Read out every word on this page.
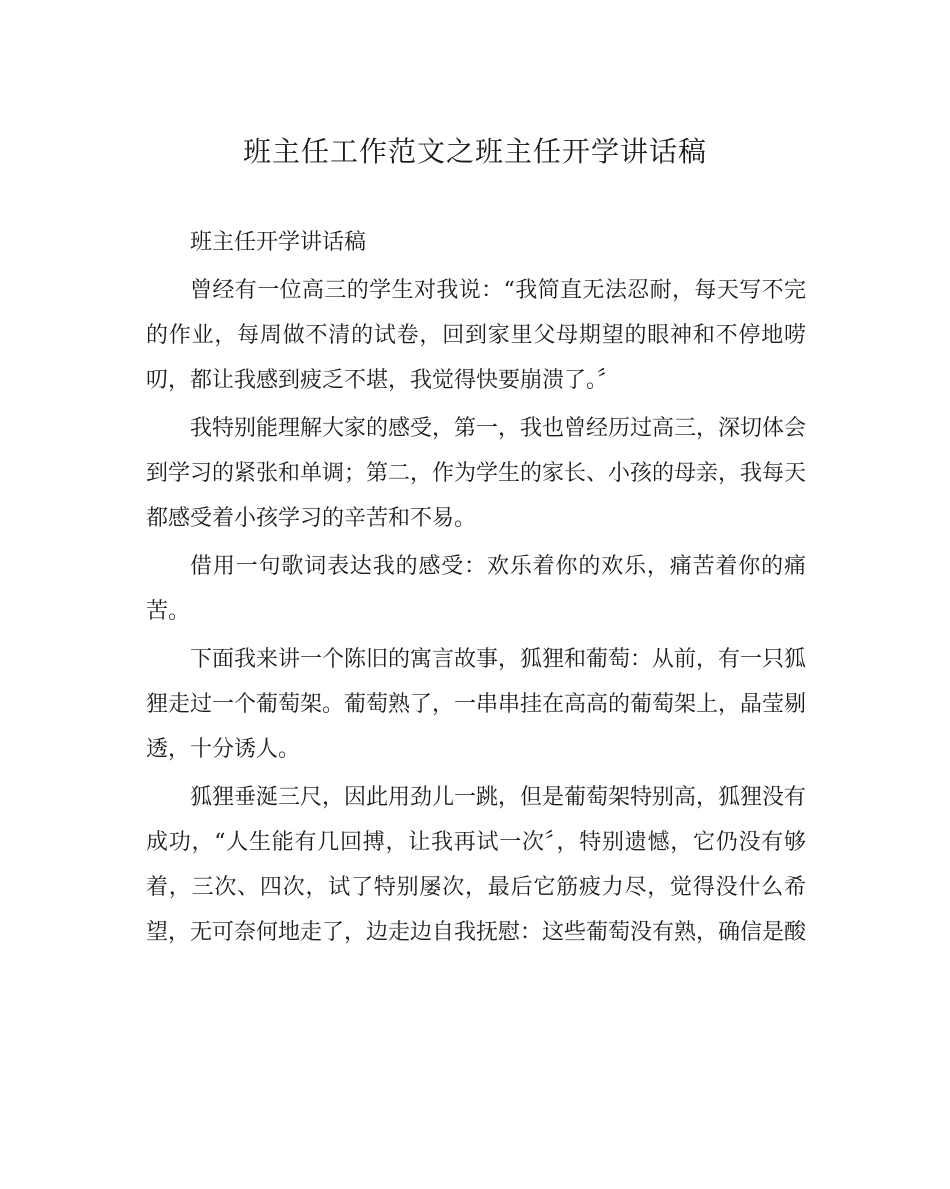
班主任工作范文之班主任开学讲话稿

班主任开学讲话稿

曾经有一位高三的学生对我说：“我简直无法忍耐，每天写不完的作业，每周做不清的试卷，回到家里父母期望的眼神和不停地唠叨，都让我感到疲乏不堪，我觉得快要崩溃了。〞

我特别能理解大家的感受，第一，我也曾经历过高三，深切体会到学习的紧张和单调；第二，作为学生的家长、小孩的母亲，我每天都感受着小孩学习的辛苦和不易。

借用一句歌词表达我的感受：欢乐着你的欢乐，痛苦着你的痛苦。

下面我来讲一个陈旧的寓言故事，狐狸和葡萄：从前，有一只狐狸走过一个葡萄架。葡萄熟了，一串串挂在高高的葡萄架上，晶莹剔透，十分诱人。

狐狸垂涎三尺，因此用劲儿一跳，但是葡萄架特别高，狐狸没有成功，“人生能有几回搏，让我再试一次〞，特别遗憾，它仍没有够着，三次、四次，试了特别屡次，最后它筋疲力尽，觉得没什么希望，无可奈何地走了，边走边自我抚慰：这些葡萄没有熟，确信是酸
